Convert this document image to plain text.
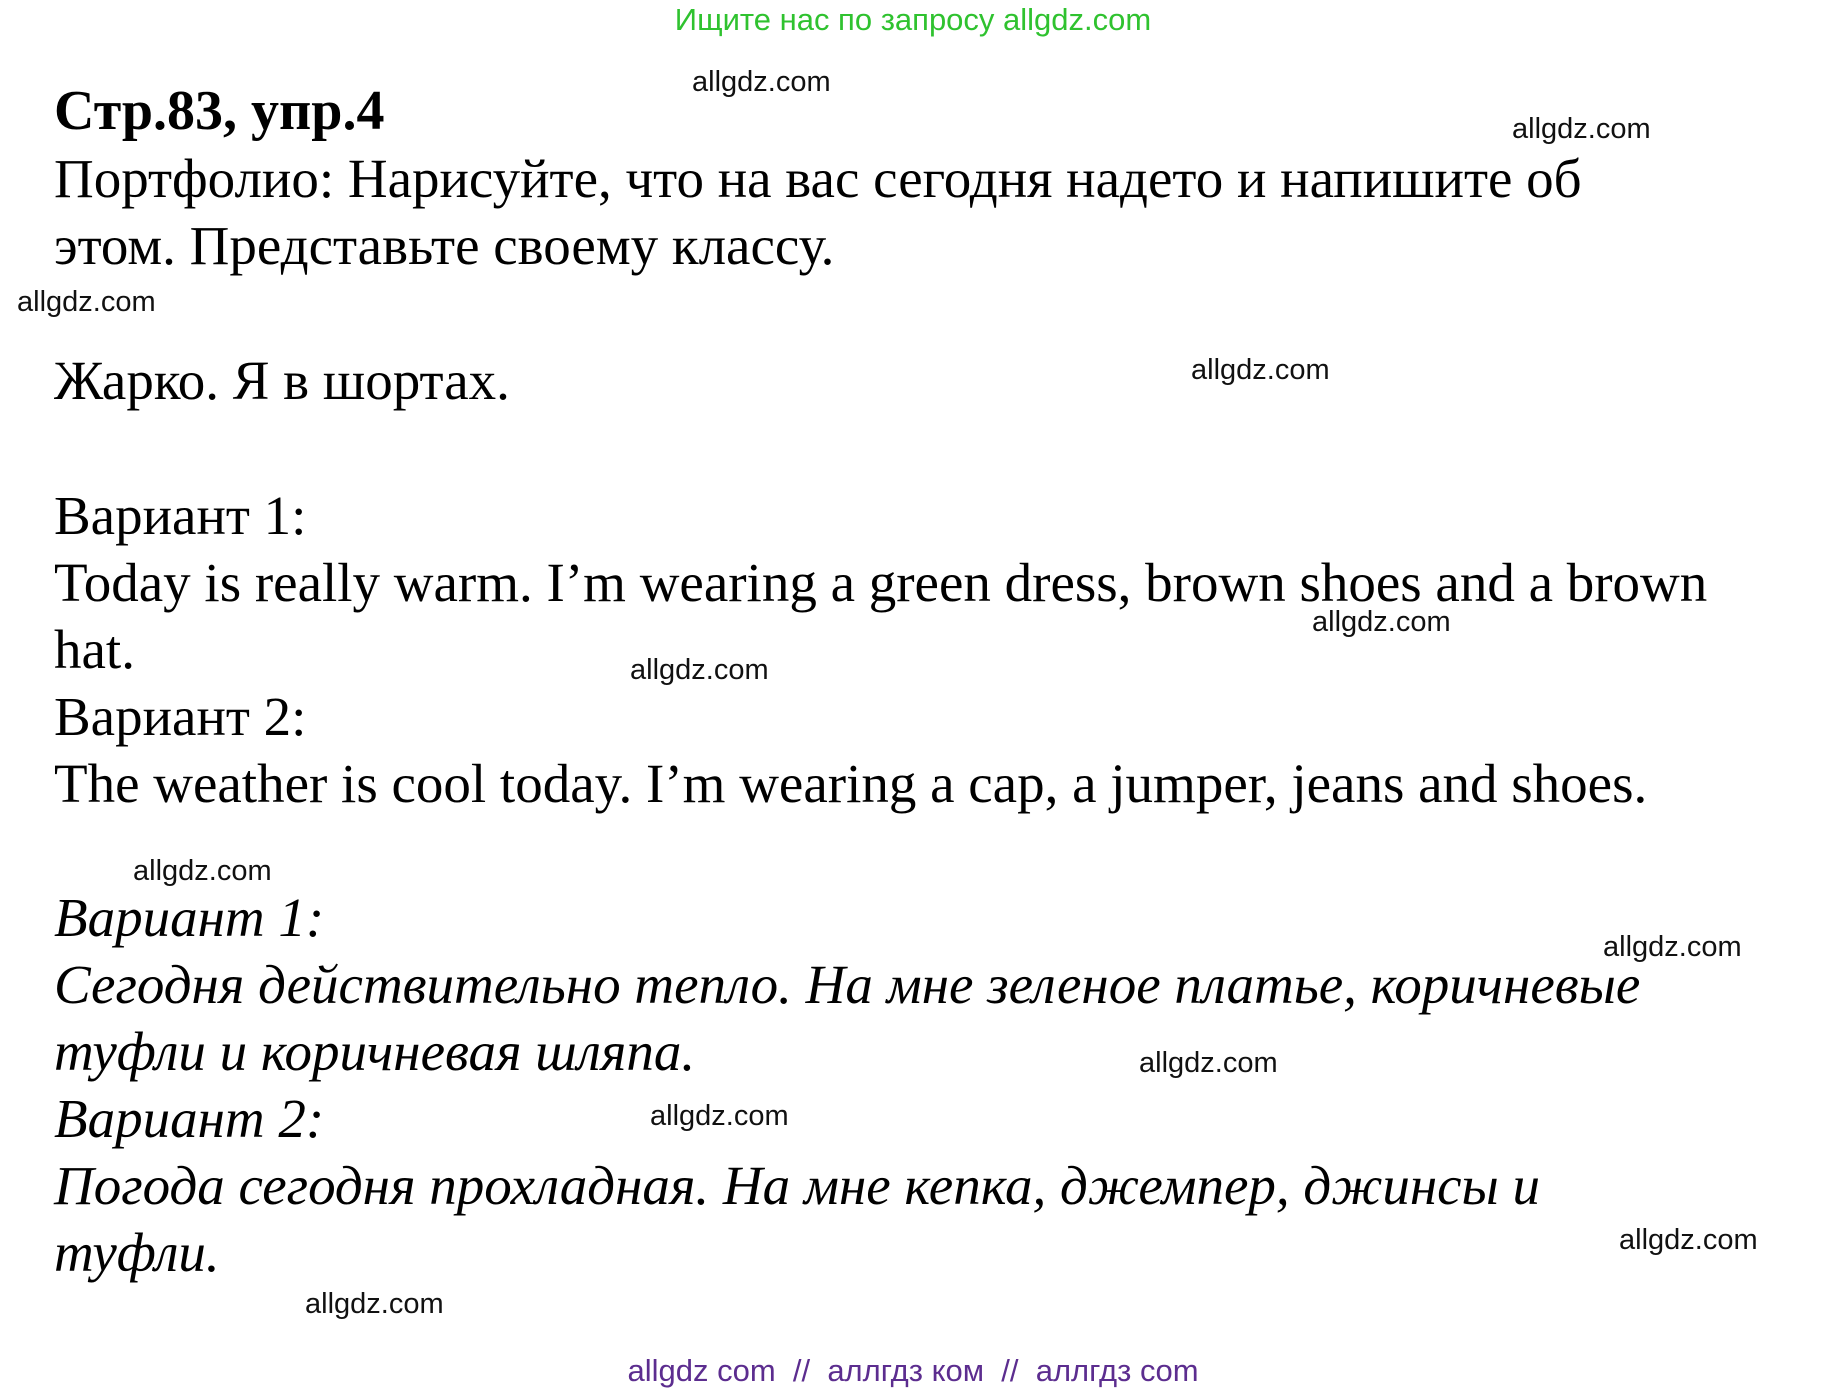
Ищите нас по запросу allgdz.com
Стр.83, упр.4
Портфолио: Нарисуйте, что на вас сегодня надето и напишите об
этом. Представьте своему классу.
Жарко. Я в шортах.
Вариант 1:
Today is really warm. I’m wearing a green dress, brown shoes and a brown
hat.
Вариант 2:
The weather is cool today. I’m wearing a cap, a jumper, jeans and shoes.
Вариант 1:
Сегодня действительно тепло. На мне зеленое платье, коричневые
туфли и коричневая шляпа.
Вариант 2:
Погода сегодня прохладная. На мне кепка, джемпер, джинсы и
туфли.
allgdz.com
allgdz.com
allgdz.com
allgdz.com
allgdz.com
allgdz.com
allgdz.com
allgdz.com
allgdz.com
allgdz.com
allgdz.com
allgdz.com
allgdz com  //  аллгдз ком  //  аллгдз com
